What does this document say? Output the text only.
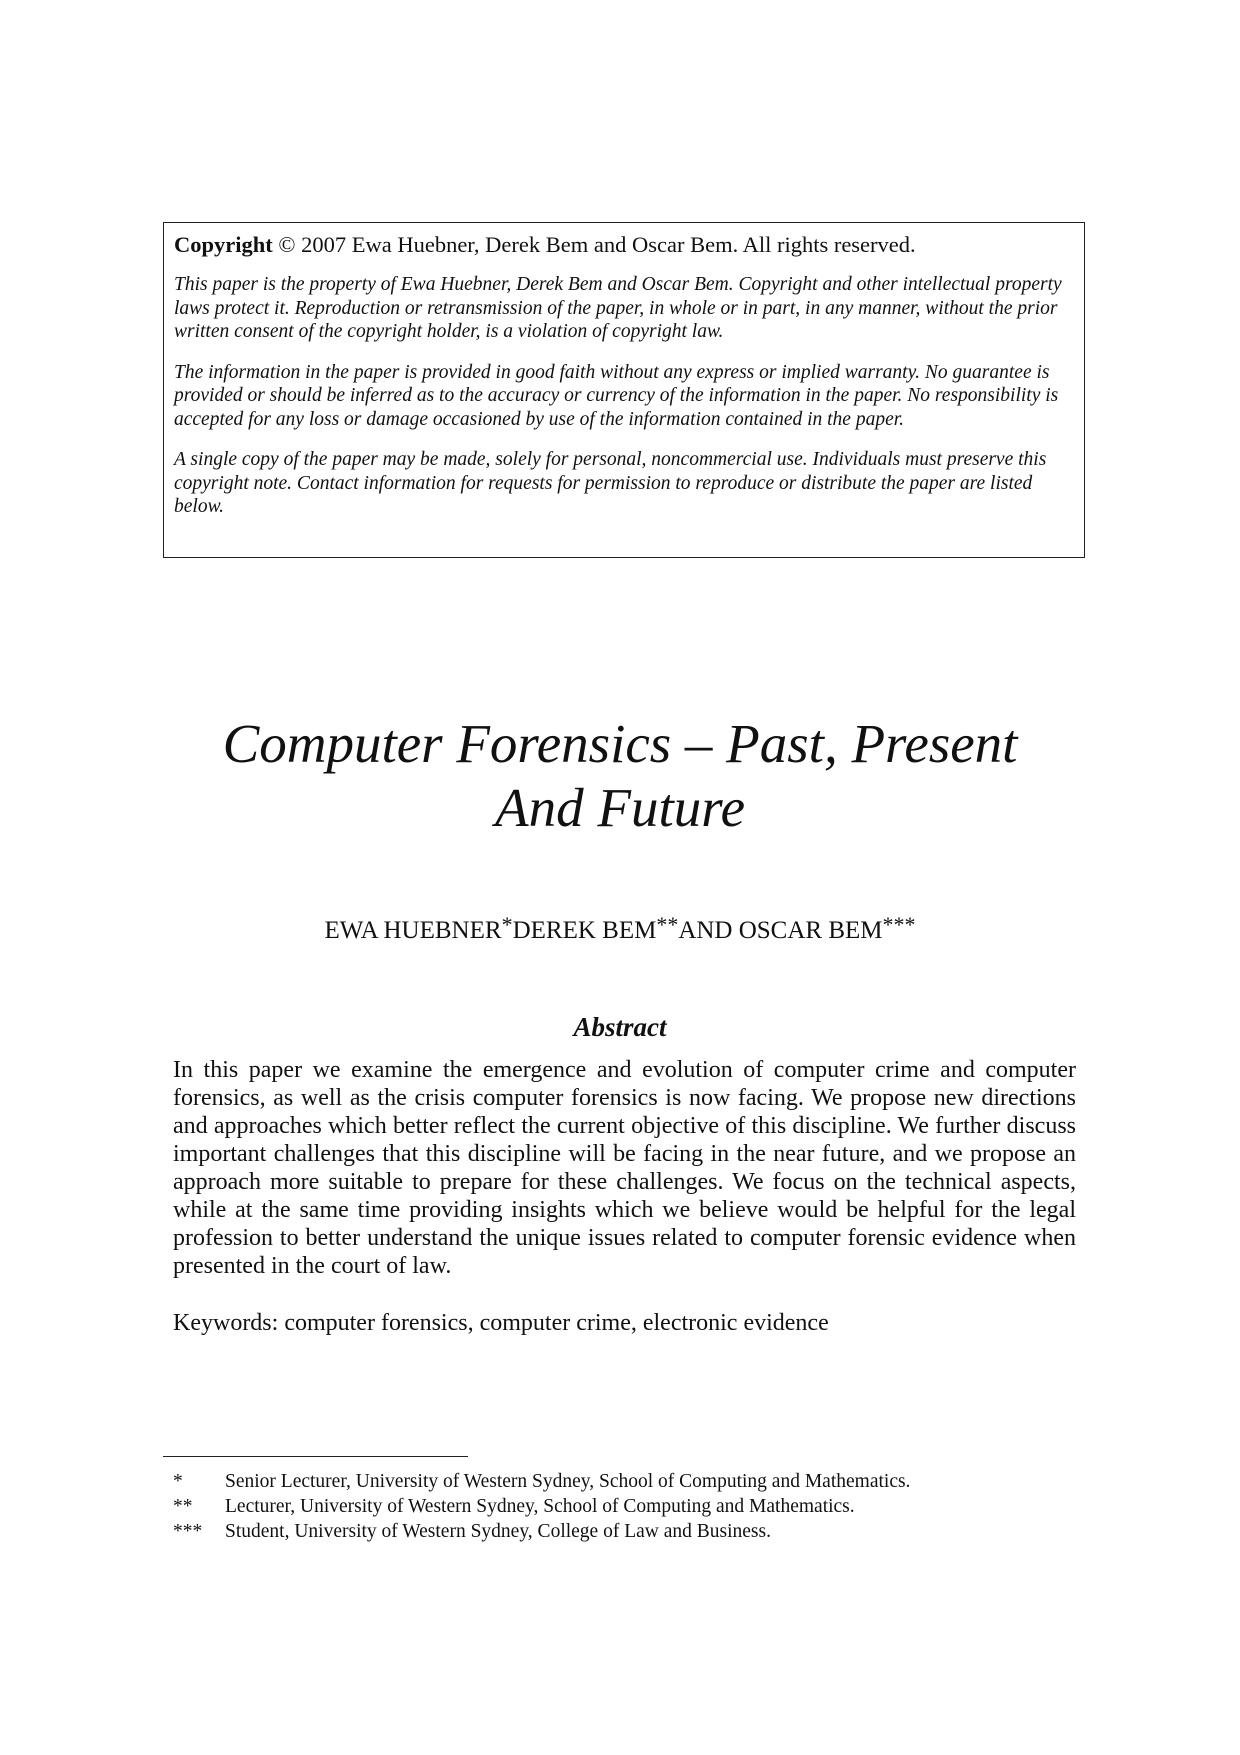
Copyright © 2007 Ewa Huebner, Derek Bem and Oscar Bem. All rights reserved.

This paper is the property of Ewa Huebner, Derek Bem and Oscar Bem. Copyright and other intellectual property laws protect it. Reproduction or retransmission of the paper, in whole or in part, in any manner, without the prior written consent of the copyright holder, is a violation of copyright law.

The information in the paper is provided in good faith without any express or implied warranty. No guarantee is provided or should be inferred as to the accuracy or currency of the information in the paper. No responsibility is accepted for any loss or damage occasioned by use of the information contained in the paper.

A single copy of the paper may be made, solely for personal, noncommercial use. Individuals must preserve this copyright note. Contact information for requests for permission to reproduce or distribute the paper are listed below.

Computer Forensics – Past, Present
And Future
EWA HUEBNER*DEREK BEM**AND OSCAR BEM***
Abstract

In this paper we examine the emergence and evolution of computer crime and computer forensics, as well as the crisis computer forensics is now facing. We propose new directions and approaches which better reflect the current objective of this discipline. We further discuss important challenges that this discipline will be facing in the near future, and we propose an approach more suitable to prepare for these challenges. We focus on the technical aspects, while at the same time providing insights which we believe would be helpful for the legal profession to better understand the unique issues related to computer forensic evidence when presented in the court of law.

Keywords: computer forensics, computer crime, electronic evidence
* Senior Lecturer, University of Western Sydney, School of Computing and Mathematics.
** Lecturer, University of Western Sydney, School of Computing and Mathematics.
*** Student, University of Western Sydney, College of Law and Business.
